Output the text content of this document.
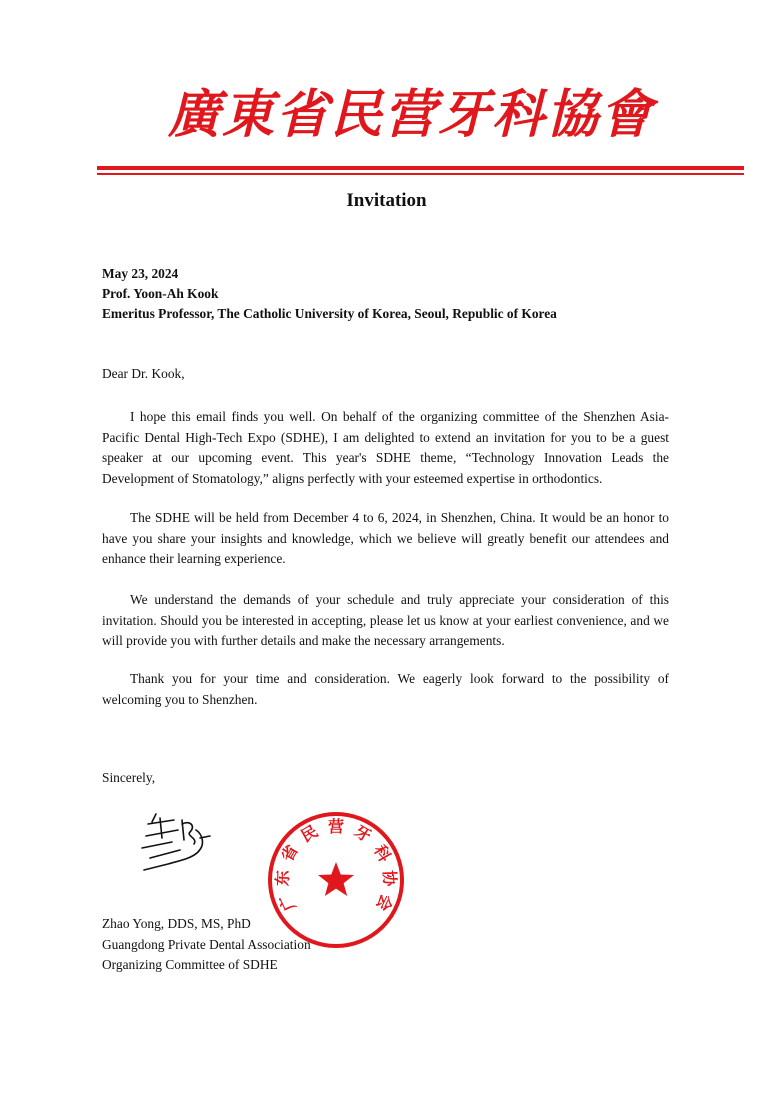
廣東省民营牙科協會
Invitation
May 23, 2024
Prof. Yoon-Ah Kook
Emeritus Professor, The Catholic University of Korea, Seoul, Republic of Korea
Dear Dr. Kook,

I hope this email finds you well. On behalf of the organizing committee of the Shenzhen Asia-Pacific Dental High-Tech Expo (SDHE), I am delighted to extend an invitation for you to be a guest speaker at our upcoming event. This year's SDHE theme, “Technology Innovation Leads the Development of Stomatology,” aligns perfectly with your esteemed expertise in orthodontics.

The SDHE will be held from December 4 to 6, 2024, in Shenzhen, China. It would be an honor to have you share your insights and knowledge, which we believe will greatly benefit our attendees and enhance their learning experience.

We understand the demands of your schedule and truly appreciate your consideration of this invitation. Should you be interested in accepting, please let us know at your earliest convenience, and we will provide you with further details and make the necessary arrangements.

Thank you for your time and consideration. We eagerly look forward to the possibility of welcoming you to Shenzhen.

Sincerely,
广
东
省
民 营 牙
科
协
会
Zhao Yong, DDS, MS, PhD
Guangdong Private Dental Association
Organizing Committee of SDHE
